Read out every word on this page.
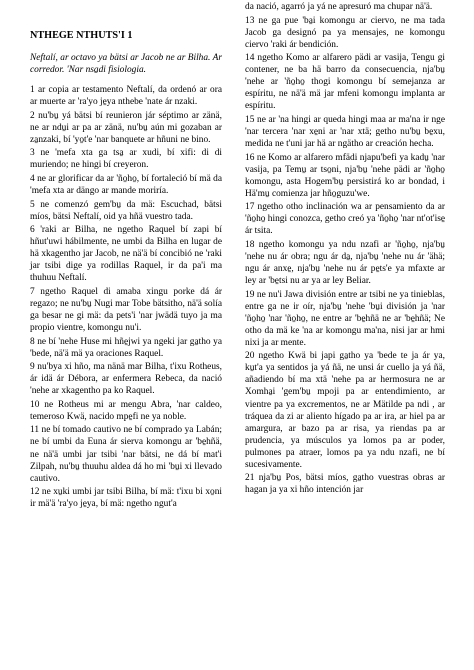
NTHEGE NTHUTS'I 1
Neftalí, ar octavo ya bätsi ar Jacob ne ar Bilha. Ar corredor. 'Nar nsa̠di fisiologia.
1 ar copia ar testamento Neftalí, da ordenó ar ora ar muerte ar 'ra'yo je̠ya nthebe 'nate ár nzaki.
2 nu'bu̠ yá bätsi bí reunieron jár séptimo ar zänä, ne ar ndu̠i ar pa ar zänä, nu'bu̠ aún mi gozaban ar za̠nzaki, bí 'yo̠t'e 'nar banquete ar hñuni ne bino.
3 ne 'mefa xta ga tsa̠ ar xudi, bí xifi: di di muriendo; ne hingi bí creyeron.
4 ne ar glorificar da ar 'ño̠ho̠, bí fortaleció bí mä da 'mefa xta ar dängo ar mande moriría.
5 ne comenzó gem'bu̠ da mä: Escuchad, bätsi míos, bätsi Neftalí, oid ya hñä vuestro tada.
6 'raki ar Bilha, ne ngetho Raquel bí zapi bí hñut'uwi hábilmente, ne umbi da Bilha en lugar de hä xkagentho jar Jacob, ne nä'ä bí concibió ne 'raki jar tsibi dige ya rodillas Raquel, ir da pa'i ma thuhuu Neftalí.
7 ngetho Raquel di amaba xingu porke dá ár regazo; ne nu'bu̠ Nugi mar Tobe bätsitho, nä'ä solía ga besar ne gi mä: da pets'i 'nar jwädä tuyo ja ma propio vientre, komongu nu'i.
8 ne bí 'nehe Huse mi hñe̠jwi ya ngeki jar ga̠tho ya 'bede, nä'ä mä ya oraciones Raquel.
9 nu'bya xi hño, ma nänä mar Bilha, t'ixu Rotheus, ár idä ár Débora, ar enfermera Rebeca, da nació 'nehe ar xkagentho pa ko Raquel.
10 ne Rotheus mi ar mengu Abra, 'nar caldeo, temeroso Kwä, nacido mpe̠fi ne ya noble.
11 ne bí tomado cautivo ne bí comprado ya Labán; ne bí umbi da Euna ár sierva komongu ar 'be̠hñä, ne nä'ä umbi jar tsibi 'nar bätsi, ne dá bí mat'i Zilpah, nu'bu̠ thuuhu aldea dá ho mi 'bu̠i xi llevado cautivo.
12 ne xu̠ki umbi jar tsibi Bilha, bí mä: t'ixu bi xo̠ni ir mä'ä 'ra'yo je̠ya, bí mä: ngetho ngut'a
da nació, agarró ja yá ne apresuró ma chupar nä'ä.
13 ne ga pue 'ba̠i komongu ar ciervo, ne ma tada Jacob ga designó pa ya mensajes, ne komongu ciervo 'raki ár bendición.
14 ngetho Komo ar alfarero pädi ar vasija, Tengu gi contener, ne ba hä barro da consecuencia, nja'bu̠ 'nehe ar 'ño̠ho̠ thogi komongu bí semejanza ar espíritu, ne nä'ä mä jar mfeni komongu implanta ar espíritu.
15 ne ar 'na hingi ar queda hingi maa ar ma'na ir nge 'nar tercera 'nar xe̠ni ar 'nar xtä; getho nu'bu̠ be̠xu, medida ne t'uni jar hä ar ngätho ar creación hecha.
16 ne Komo ar alfarero mfädi njapu'befi ya kadu̠ 'nar vasija, pa Temu̠ ar tso̠ni, nja'bu̠ 'nehe pädi ar 'ño̠ho̠ komongu, asta Hogem'bu̠ persistirá ko ar bondad, i Hä'mu̠ comienza jar hño̠guzu'we.
17 ngetho otho inclinación wa ar pensamiento da ar 'ño̠ho̠ hingi conozca, getho creó ya 'ño̠ho̠ 'nar nt'ot'ise̠ ár tsita.
18 ngetho komongu ya ndu nzafi ar 'ño̠ho̠, nja'bu̠ 'nehe nu ár obra; ngu ár da̠, nja'bu̠ 'nehe nu ár 'ähä; ngu ár anxe̠, nja'bu̠ 'nehe nu ár pe̠ts'e ya mfaxte ar ley ar 'be̠tsi nu ar ya ar ley Beliar.
19 ne nu'i Jawa división entre ar tsibi ne ya tinieblas, entre ga ne ir oír, nja'bu̠ 'nehe 'bu̠i división ja 'nar 'ño̠ho̠ 'nar 'ño̠ho̠, ne entre ar 'be̠hñä ne ar 'be̠hñä; Ne otho da mä ke 'na ar komongu ma'na, nisi jar ar hmi nixi ja ar mente.
20 ngetho Kwä bi japi ga̠tho ya 'bede te ja ár ya, ku̠t'a ya sentidos ja yá ñä, ne unsi ár cuello ja yá ñä, añadiendo bí ma xtä 'nehe pa ar hermosura ne ar Xomha̠i 'gem'bu̠ mpoji pa ar entendimiento, ar vientre pa ya excrementos, ne ar Mätilde pa ndi , ar tráquea da zi ar aliento hígado pa ar ira, ar hiel pa ar amargura, ar bazo pa ar risa, ya riendas pa ar prudencia, ya músculos ya lomos pa ar poder, pulmones pa atraer, lomos pa ya ndu nzafi, ne bí sucesivamente.
21 nja'bu̠ Pos, bätsi míos, ga̠tho vuestras obras ar hagan ja ya xi hño intención jar
